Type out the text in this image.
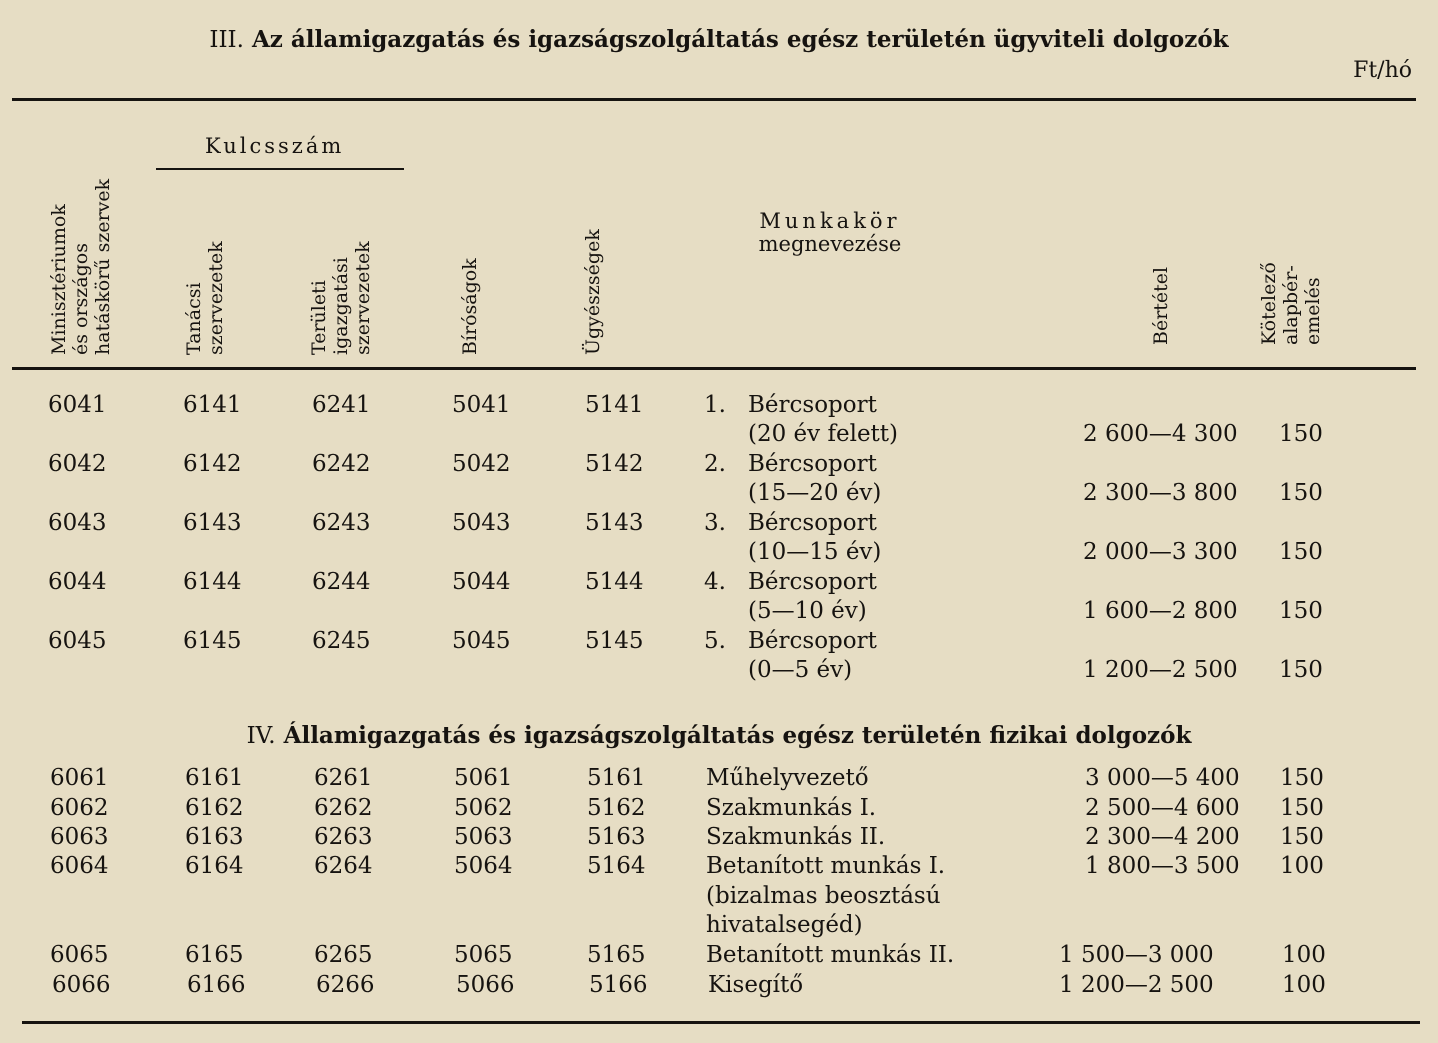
III. Az államigazgatás és igazságszolgáltatás egész területén ügyviteli dolgozók
Ft/hó
Minisztériumok és országos hatáskörű szervek
Kulcsszám
Tanácsi szervezetek	Területi igazgatási szervezetek	Bíróságok	Ügyészségek
Munkakör
megnevezése
Bértétel	Kötelező alapbér- emelés
6041	6141	6241	5041	5141	1. Bércsoport
(20 év felett)	2 600—4 300 150
6042	6142	6242	5042	5142	2. Bércsoport
(15—20 év)	2 300—3 800 150
6043	6143	6243	5043	5143	3. Bércsoport
(10—15 év)	2 000—3 300 150
6044	6144	6244	5044	5144	4. Bércsoport
(5—10 év)	1 600—2 800 150
6045	6145	6245	5045	5145	5. Bércsoport
(0—5 év)	1 200—2 500 150
IV. Államigazgatás és igazságszolgáltatás egész területén fizikai dolgozók
6061	6161	6261	5061	5161	Műhelyvezető	3 000—5 400 150
6062	6162	6262	5062	5162	Szakmunkás I.	2 500—4 600 150
6063	6163	6263	5063	5163	Szakmunkás II.	2 300—4 200 150
6064	6164	6264	5064	5164	Betanított munkás I.
(bizalmas beosztású
hivatalsegéd)
1 800—3 500 100
6065	6165	6265	5065	5165	Betanított munkás II.	1 500—3 000	100
6066	6166	6266	5066	5166	Kisegítő	1 200—2 500	100
